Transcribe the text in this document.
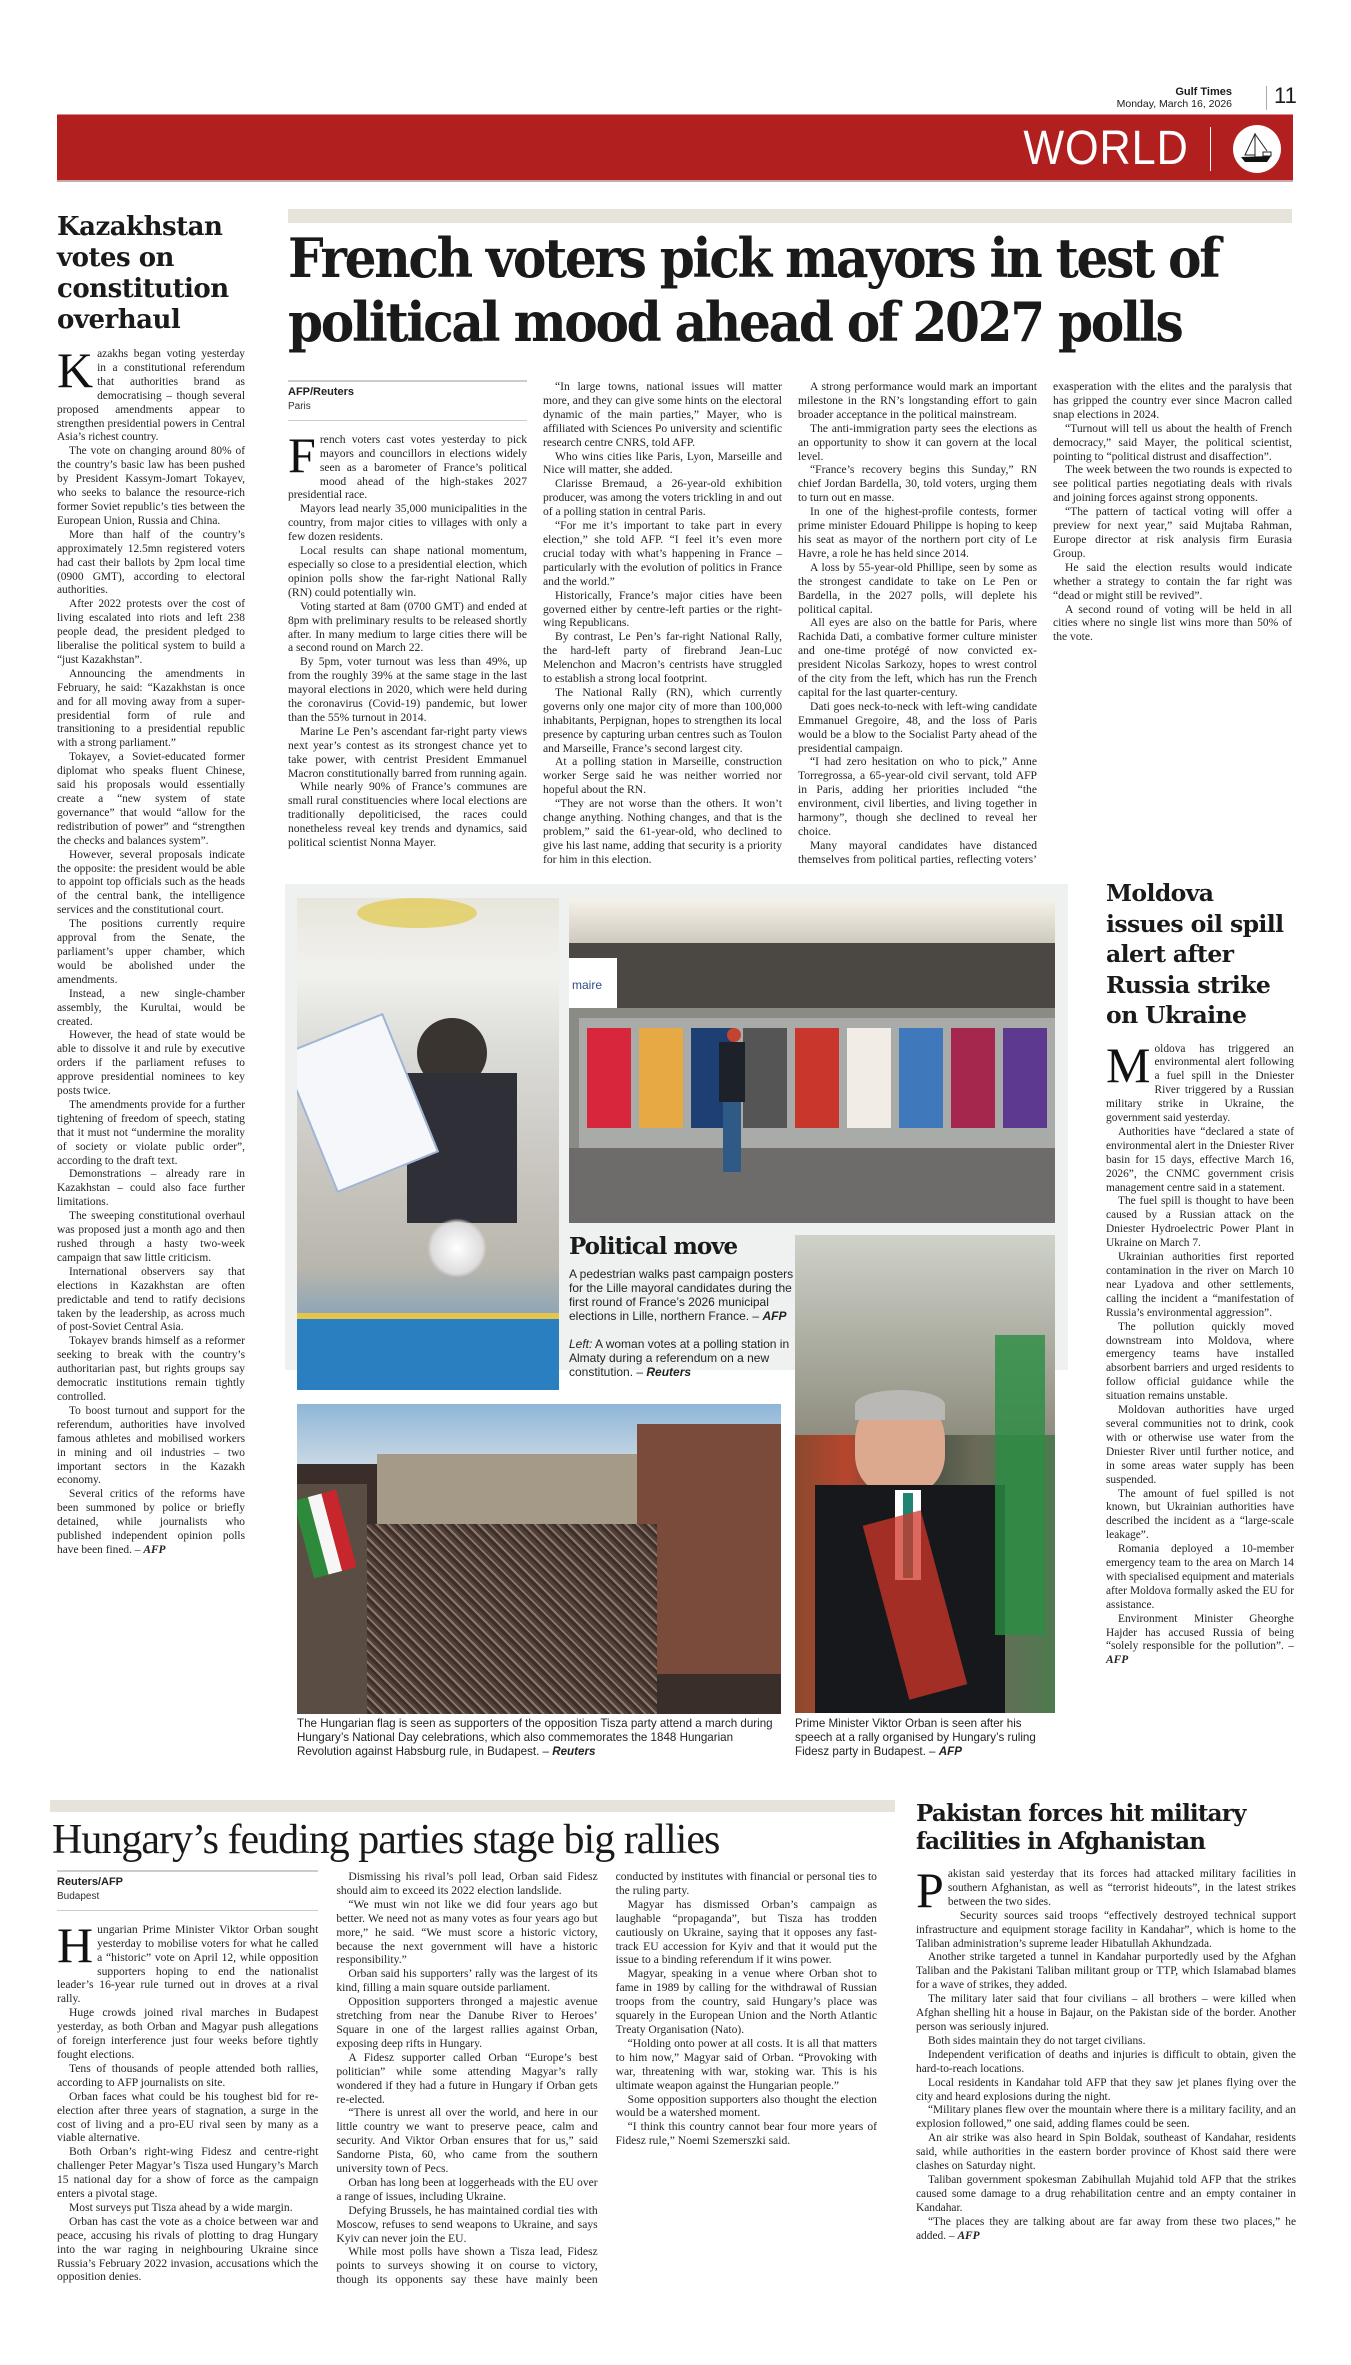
Gulf Times
Monday, March 16, 2026 11
WORLD
Kazakhstan votes on constitution overhaul

Kazakhs began voting yesterday in a constitutional referendum that authorities brand as democratising – though several proposed amendments appear to strengthen presidential powers in Central Asia’s richest country.

The vote on changing around 80% of the country’s basic law has been pushed by President Kassym-Jomart Tokayev, who seeks to balance the resource-rich former Soviet republic’s ties between the European Union, Russia and China.

More than half of the country’s approximately 12.5mn registered voters had cast their ballots by 2pm local time (0900 GMT), according to electoral authorities.

After 2022 protests over the cost of living escalated into riots and left 238 people dead, the president pledged to liberalise the political system to build a “just Kazakhstan”.

Announcing the amendments in February, he said: “Kazakhstan is once and for all moving away from a super-presidential form of rule and transitioning to a presidential republic with a strong parliament.”

Tokayev, a Soviet-educated former diplomat who speaks fluent Chinese, said his proposals would essentially create a “new system of state governance” that would “allow for the redistribution of power” and “strengthen the checks and balances system”.

However, several proposals indicate the opposite: the president would be able to appoint top officials such as the heads of the central bank, the intelligence services and the constitutional court.

The positions currently require approval from the Senate, the parliament’s upper chamber, which would be abolished under the amendments.

Instead, a new single-chamber assembly, the Kurultai, would be created.

However, the head of state would be able to dissolve it and rule by executive orders if the parliament refuses to approve presidential nominees to key posts twice.

The amendments provide for a further tightening of freedom of speech, stating that it must not “undermine the morality of society or violate public order”, according to the draft text.

Demonstrations – already rare in Kazakhstan – could also face further limitations.

The sweeping constitutional overhaul was proposed just a month ago and then rushed through a hasty two-week campaign that saw little criticism.

International observers say that elections in Kazakhstan are often predictable and tend to ratify decisions taken by the leadership, as across much of post-Soviet Central Asia.

Tokayev brands himself as a reformer seeking to break with the country’s authoritarian past, but rights groups say democratic institutions remain tightly controlled.

To boost turnout and support for the referendum, authorities have involved famous athletes and mobilised workers in mining and oil industries – two important sectors in the Kazakh economy.

Several critics of the reforms have been summoned by police or briefly detained, while journalists who published independent opinion polls have been fined. – AFP

French voters pick mayors in test of political mood ahead of 2027 polls
AFP/Reuters
Paris

French voters cast votes yesterday to pick mayors and councillors in elections widely seen as a barometer of France’s political mood ahead of the high-stakes 2027 presidential race.

Mayors lead nearly 35,000 municipalities in the country, from major cities to villages with only a few dozen residents.

Local results can shape national momentum, especially so close to a presidential election, which opinion polls show the far-right National Rally (RN) could potentially win.

Voting started at 8am (0700 GMT) and ended at 8pm with preliminary results to be released shortly after. In many medium to large cities there will be a second round on March 22.

By 5pm, voter turnout was less than 49%, up from the roughly 39% at the same stage in the last mayoral elections in 2020, which were held during the coronavirus (Covid-19) pandemic, but lower than the 55% turnout in 2014.

Marine Le Pen’s ascendant far-right party views next year’s contest as its strongest chance yet to take power, with centrist President Emmanuel Macron constitutionally barred from running again.

While nearly 90% of France’s communes are small rural constituencies where local elections are traditionally depoliticised, the races could nonetheless reveal key trends and dynamics, said political scientist Nonna Mayer.

“In large towns, national issues will matter more, and they can give some hints on the electoral dynamic of the main parties,” Mayer, who is affiliated with Sciences Po university and scientific research centre CNRS, told AFP.

Who wins cities like Paris, Lyon, Marseille and Nice will matter, she added.

Clarisse Bremaud, a 26-year-old exhibition producer, was among the voters trickling in and out of a polling station in central Paris.

“For me it’s important to take part in every election,” she told AFP. “I feel it’s even more crucial today with what’s happening in France – particularly with the evolution of politics in France and the world.”

Historically, France’s major cities have been governed either by centre-left parties or the right-wing Republicans.

By contrast, Le Pen’s far-right National Rally, the hard-left party of firebrand Jean-Luc Melenchon and Macron’s centrists have struggled to establish a strong local footprint.

The National Rally (RN), which currently governs only one major city of more than 100,000 inhabitants, Perpignan, hopes to strengthen its local presence by capturing urban centres such as Toulon and Marseille, France’s second largest city.

At a polling station in Marseille, construction worker Serge said he was neither worried nor hopeful about the RN.

“They are not worse than the others. It won’t change anything. Nothing changes, and that is the problem,” said the 61-year-old, who declined to give his last name, adding that security is a priority for him in this election.

A strong performance would mark an important milestone in the RN’s longstanding effort to gain broader acceptance in the political mainstream.

The anti-immigration party sees the elections as an opportunity to show it can govern at the local level.

“France’s recovery begins this Sunday,” RN chief Jordan Bardella, 30, told voters, urging them to turn out en masse.

In one of the highest-profile contests, former prime minister Edouard Philippe is hoping to keep his seat as mayor of the northern port city of Le Havre, a role he has held since 2014.

A loss by 55-year-old Phillipe, seen by some as the strongest candidate to take on Le Pen or Bardella, in the 2027 polls, will deplete his political capital.

All eyes are also on the battle for Paris, where Rachida Dati, a combative former culture minister and one-time protégé of now convicted ex-president Nicolas Sarkozy, hopes to wrest control of the city from the left, which has run the French capital for the last quarter-century.

Dati goes neck-to-neck with left-wing candidate Emmanuel Gregoire, 48, and the loss of Paris would be a blow to the Socialist Party ahead of the presidential campaign.

“I had zero hesitation on who to pick,” Anne Torregrossa, a 65-year-old civil servant, told AFP in Paris, adding her priorities included “the environment, civil liberties, and living together in harmony”, though she declined to reveal her choice.

Many mayoral candidates have distanced themselves from political parties, reflecting voters’ exasperation with the elites and the paralysis that has gripped the country ever since Macron called snap elections in 2024.

“Turnout will tell us about the health of French democracy,” said Mayer, the political scientist, pointing to “political distrust and disaffection”.

The week between the two rounds is expected to see political parties negotiating deals with rivals and joining forces against strong opponents.

“The pattern of tactical voting will offer a preview for next year,” said Mujtaba Rahman, Europe director at risk analysis firm Eurasia Group.

He said the election results would indicate whether a strategy to contain the far right was “dead or might still be revived”.

A second round of voting will be held in all cities where no single list wins more than 50% of the vote.

maire
Political move
A pedestrian walks past campaign posters for the Lille mayoral candidates during the first round of France’s 2026 municipal elections in Lille, northern France. – AFP
Left: A woman votes at a polling station in Almaty during a referendum on a new constitution. – Reuters
The Hungarian flag is seen as supporters of the opposition Tisza party attend a march during Hungary’s National Day celebrations, which also commemorates the 1848 Hungarian Revolution against Habsburg rule, in Budapest. – Reuters
Prime Minister Viktor Orban is seen after his speech at a rally organised by Hungary’s ruling Fidesz party in Budapest. – AFP
Moldova issues oil spill alert after Russia strike on Ukraine

Moldova has triggered an environmental alert following a fuel spill in the Dniester River triggered by a Russian military strike in Ukraine, the government said yesterday.

Authorities have “declared a state of environmental alert in the Dniester River basin for 15 days, effective March 16, 2026”, the CNMC government crisis management centre said in a statement.

The fuel spill is thought to have been caused by a Russian attack on the Dniester Hydroelectric Power Plant in Ukraine on March 7.

Ukrainian authorities first reported contamination in the river on March 10 near Lyadova and other settlements, calling the incident a “manifestation of Russia’s environmental aggression”.

The pollution quickly moved downstream into Moldova, where emergency teams have installed absorbent barriers and urged residents to follow official guidance while the situation remains unstable.

Moldovan authorities have urged several communities not to drink, cook with or otherwise use water from the Dniester River until further notice, and in some areas water supply has been suspended.

The amount of fuel spilled is not known, but Ukrainian authorities have described the incident as a “large-scale leakage”.

Romania deployed a 10-member emergency team to the area on March 14 with specialised equipment and materials after Moldova formally asked the EU for assistance.

Environment Minister Gheorghe Hajder has accused Russia of being “solely responsible for the pollution”. – AFP

Hungary’s feuding parties stage big rallies
Reuters/AFP
Budapest

Hungarian Prime Minister Viktor Orban sought yesterday to mobilise voters for what he called a “historic” vote on April 12, while opposition supporters hoping to end the nationalist leader’s 16-year rule turned out in droves at a rival rally.

Huge crowds joined rival marches in Budapest yesterday, as both Orban and Magyar push allegations of foreign interference just four weeks before tightly fought elections.

Tens of thousands of people attended both rallies, according to AFP journalists on site.

Orban faces what could be his toughest bid for re-election after three years of stagnation, a surge in the cost of living and a pro-EU rival seen by many as a viable alternative.

Both Orban’s right-wing Fidesz and centre-right challenger Peter Magyar’s Tisza used Hungary’s March 15 national day for a show of force as the campaign enters a pivotal stage.

Most surveys put Tisza ahead by a wide margin.

Orban has cast the vote as a choice between war and peace, accusing his rivals of plotting to drag Hungary into the war raging in neighbouring Ukraine since Russia’s February 2022 invasion, accusations which the opposition denies.

Dismissing his rival’s poll lead, Orban said Fidesz should aim to exceed its 2022 election landslide.

“We must win not like we did four years ago but better. We need not as many votes as four years ago but more,” he said. “We must score a historic victory, because the next government will have a historic responsibility.”

Orban said his supporters’ rally was the largest of its kind, filling a main square outside parliament.

Opposition supporters thronged a majestic avenue stretching from near the Danube River to Heroes’ Square in one of the largest rallies against Orban, exposing deep rifts in Hungary.

A Fidesz supporter called Orban “Europe’s best politician” while some attending Magyar’s rally wondered if they had a future in Hungary if Orban gets re-elected.

“There is unrest all over the world, and here in our little country we want to preserve peace, calm and security. And Viktor Orban ensures that for us,” said Sandorne Pista, 60, who came from the southern university town of Pecs.

Orban has long been at loggerheads with the EU over a range of issues, including Ukraine.

Defying Brussels, he has maintained cordial ties with Moscow, refuses to send weapons to Ukraine, and says Kyiv can never join the EU.

While most polls have shown a Tisza lead, Fidesz points to surveys showing it on course to victory, though its opponents say these have mainly been conducted by institutes with financial or personal ties to the ruling party.

Magyar has dismissed Orban’s campaign as laughable “propaganda”, but Tisza has trodden cautiously on Ukraine, saying that it opposes any fast-track EU accession for Kyiv and that it would put the issue to a binding referendum if it wins power.

Magyar, speaking in a venue where Orban shot to fame in 1989 by calling for the withdrawal of Russian troops from the country, said Hungary’s place was squarely in the European Union and the North Atlantic Treaty Organisation (Nato).

“Holding onto power at all costs. It is all that matters to him now,” Magyar said of Orban. “Provoking with war, threatening with war, stoking war. This is his ultimate weapon against the Hungarian people.”

Some opposition supporters also thought the election would be a watershed moment.

“I think this country cannot bear four more years of Fidesz rule,” Noemi Szemerszki said.

Pakistan forces hit military facilities in Afghanistan

Pakistan said yesterday that its forces had attacked military facilities in southern Afghanistan, as well as “terrorist hideouts”, in the latest strikes between the two sides.

Security sources said troops “effectively destroyed technical support infrastructure and equipment storage facility in Kandahar”, which is home to the Taliban administration’s supreme leader Hibatullah Akhundzada.

Another strike targeted a tunnel in Kandahar purportedly used by the Afghan Taliban and the Pakistani Taliban militant group or TTP, which Islamabad blames for a wave of strikes, they added.

The military later said that four civilians – all brothers – were killed when Afghan shelling hit a house in Bajaur, on the Pakistan side of the border. Another person was seriously injured.

Both sides maintain they do not target civilians.

Independent verification of deaths and injuries is difficult to obtain, given the hard-to-reach locations.

Local residents in Kandahar told AFP that they saw jet planes flying over the city and heard explosions during the night.

“Military planes flew over the mountain where there is a military facility, and an explosion followed,” one said, adding flames could be seen.

An air strike was also heard in Spin Boldak, southeast of Kandahar, residents said, while authorities in the eastern border province of Khost said there were clashes on Saturday night.

Taliban government spokesman Zabihullah Mujahid told AFP that the strikes caused some damage to a drug rehabilitation centre and an empty container in Kandahar.

“The places they are talking about are far away from these two places,” he added. – AFP
